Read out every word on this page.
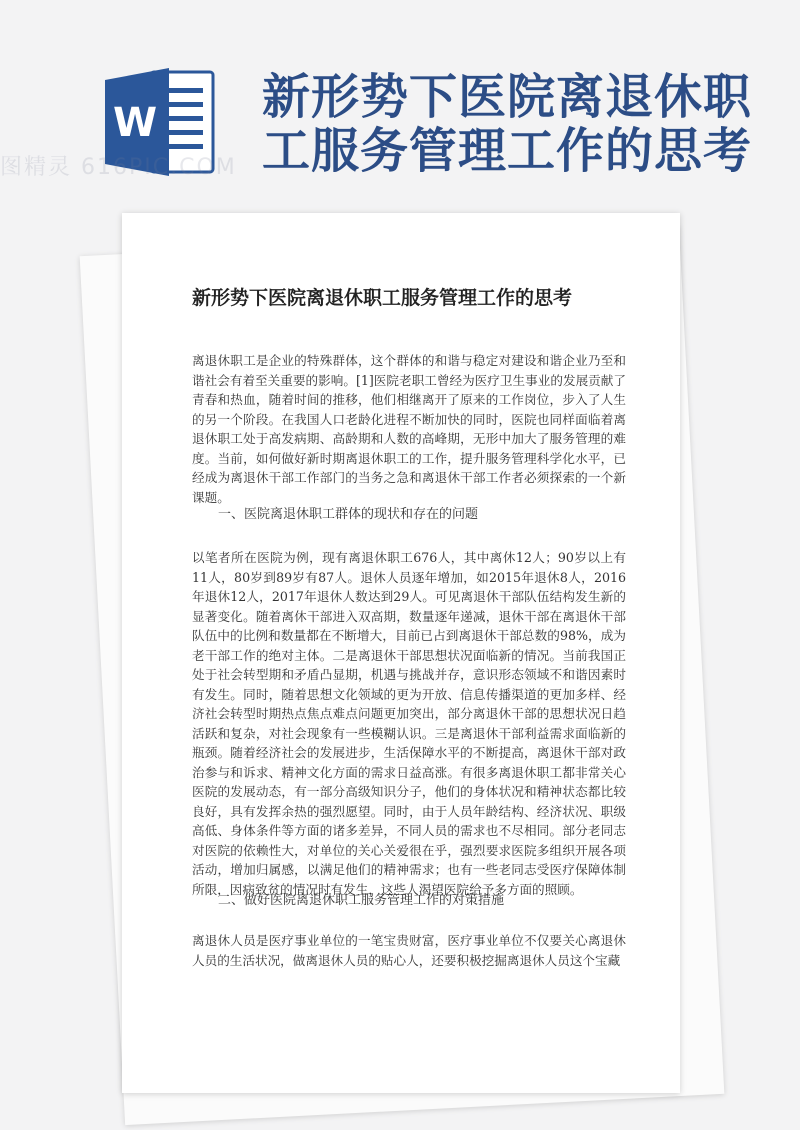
W 新形势下医院离退休职
工服务管理工作的思考
图精灵 616PIC.COM
新形势下医院离退休职工服务管理工作的思考

离退休职工是企业的特殊群体，这个群体的和谐与稳定对建设和谐企业乃至和谐社会有着至关重要的影响。[1]医院老职工曾经为医疗卫生事业的发展贡献了青春和热血，随着时间的推移，他们相继离开了原来的工作岗位，步入了人生的另一个阶段。在我国人口老龄化进程不断加快的同时，医院也同样面临着离退休职工处于高发病期、高龄期和人数的高峰期，无形中加大了服务管理的难度。当前，如何做好新时期离退休职工的工作，提升服务管理科学化水平，已经成为离退休干部工作部门的当务之急和离退休干部工作者必须探索的一个新课题。

一、医院离退休职工群体的现状和存在的问题

以笔者所在医院为例，现有离退休职工676人，其中离休12人；90岁以上有11人，80岁到89岁有87人。退休人员逐年增加，如2015年退休8人，2016年退休12人，2017年退休人数达到29人。可见离退休干部队伍结构发生新的显著变化。随着离休干部进入双高期，数量逐年递减，退休干部在离退休干部队伍中的比例和数量都在不断增大，目前已占到离退休干部总数的98%，成为老干部工作的绝对主体。二是离退休干部思想状况面临新的情况。当前我国正处于社会转型期和矛盾凸显期，机遇与挑战并存，意识形态领域不和谐因素时有发生。同时，随着思想文化领域的更为开放、信息传播渠道的更加多样、经济社会转型时期热点焦点难点问题更加突出，部分离退休干部的思想状况日趋活跃和复杂，对社会现象有一些模糊认识。三是离退休干部利益需求面临新的瓶颈。随着经济社会的发展进步，生活保障水平的不断提高，离退休干部对政治参与和诉求、精神文化方面的需求日益高涨。有很多离退休职工都非常关心医院的发展动态，有一部分高级知识分子，他们的身体状况和精神状态都比较良好，具有发挥余热的强烈愿望。同时，由于人员年龄结构、经济状况、职级高低、身体条件等方面的诸多差异，不同人员的需求也不尽相同。部分老同志对医院的依赖性大，对单位的关心关爱很在乎，强烈要求医院多组织开展各项活动，增加归属感，以满足他们的精神需求；也有一些老同志受医疗保障体制所限，因病致贫的情况时有发生，这些人渴望医院给予多方面的照顾。

二、做好医院离退休职工服务管理工作的对策措施

离退休人员是医疗事业单位的一笔宝贵财富，医疗事业单位不仅要关心离退休人员的生活状况，做离退休人员的贴心人，还要积极挖掘离退休人员这个宝藏
